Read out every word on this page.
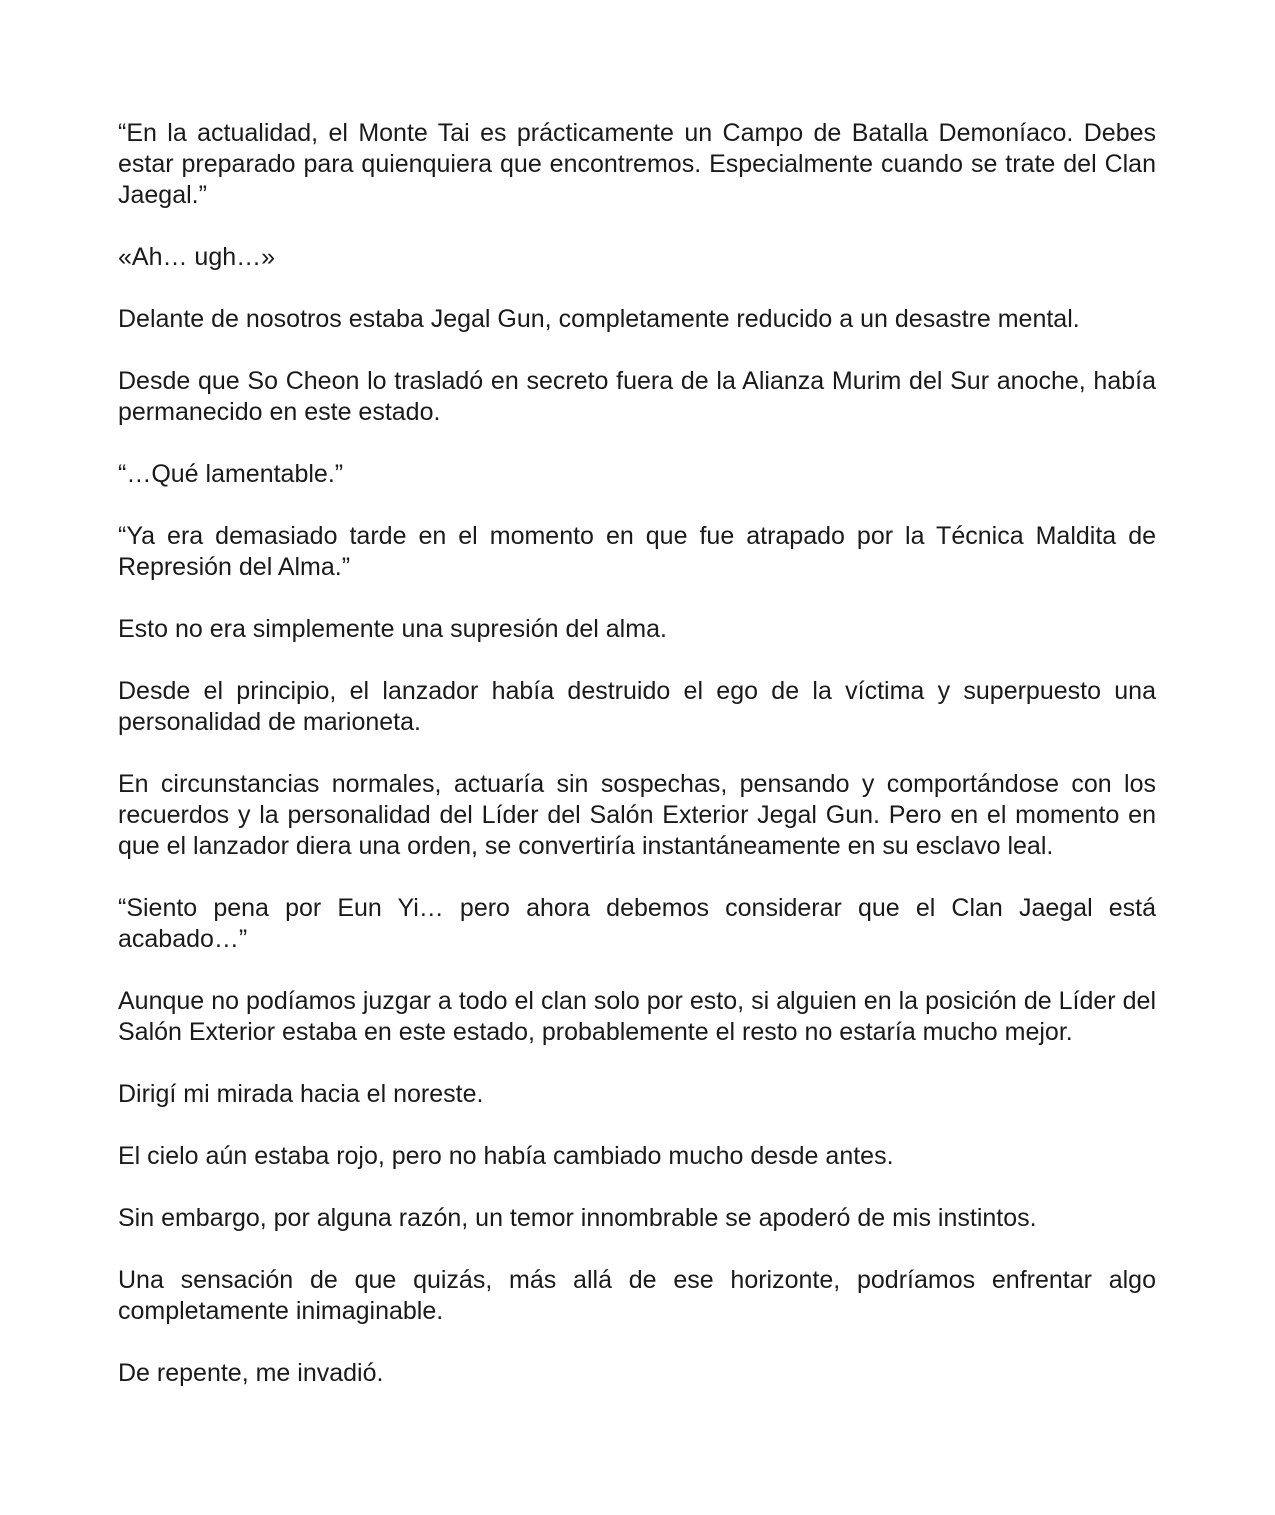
“En la actualidad, el Monte Tai es prácticamente un Campo de Batalla Demoníaco. Debes estar preparado para quienquiera que encontremos. Especialmente cuando se trate del Clan Jaegal.”

«Ah… ugh…»

Delante de nosotros estaba Jegal Gun, completamente reducido a un desastre mental.

Desde que So Cheon lo trasladó en secreto fuera de la Alianza Murim del Sur anoche, había permanecido en este estado.

“…Qué lamentable.”

“Ya era demasiado tarde en el momento en que fue atrapado por la Técnica Maldita de Represión del Alma.”

Esto no era simplemente una supresión del alma.

Desde el principio, el lanzador había destruido el ego de la víctima y superpuesto una personalidad de marioneta.

En circunstancias normales, actuaría sin sospechas, pensando y comportándose con los recuerdos y la personalidad del Líder del Salón Exterior Jegal Gun. Pero en el momento en que el lanzador diera una orden, se convertiría instantáneamente en su esclavo leal.

“Siento pena por Eun Yi… pero ahora debemos considerar que el Clan Jaegal está acabado…”

Aunque no podíamos juzgar a todo el clan solo por esto, si alguien en la posición de Líder del Salón Exterior estaba en este estado, probablemente el resto no estaría mucho mejor.

Dirigí mi mirada hacia el noreste.

El cielo aún estaba rojo, pero no había cambiado mucho desde antes.

Sin embargo, por alguna razón, un temor innombrable se apoderó de mis instintos.

Una sensación de que quizás, más allá de ese horizonte, podríamos enfrentar algo completamente inimaginable.

De repente, me invadió.
